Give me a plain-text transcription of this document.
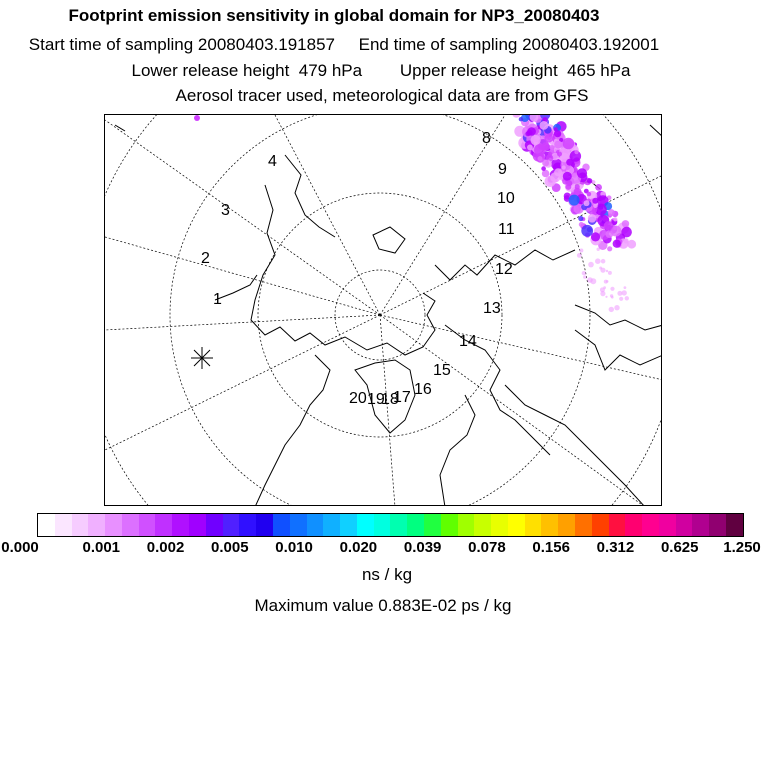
Footprint emission sensitivity in global domain for NP3_20080403
Start time of sampling 20080403.191857     End time of sampling 20080403.192001
Lower release height  479 hPa        Upper release height  465 hPa
Aerosol tracer used, meteorological data are from GFS
1
2
3
4
8
9
10
11
12
13
14
15
16
17
18
19
20
0.000	0.001 0.002 0.005 0.010 0.020 0.039 0.078 0.156 0.312 0.625 1.250
ns / kg
Maximum value 0.883E-02 ps / kg
